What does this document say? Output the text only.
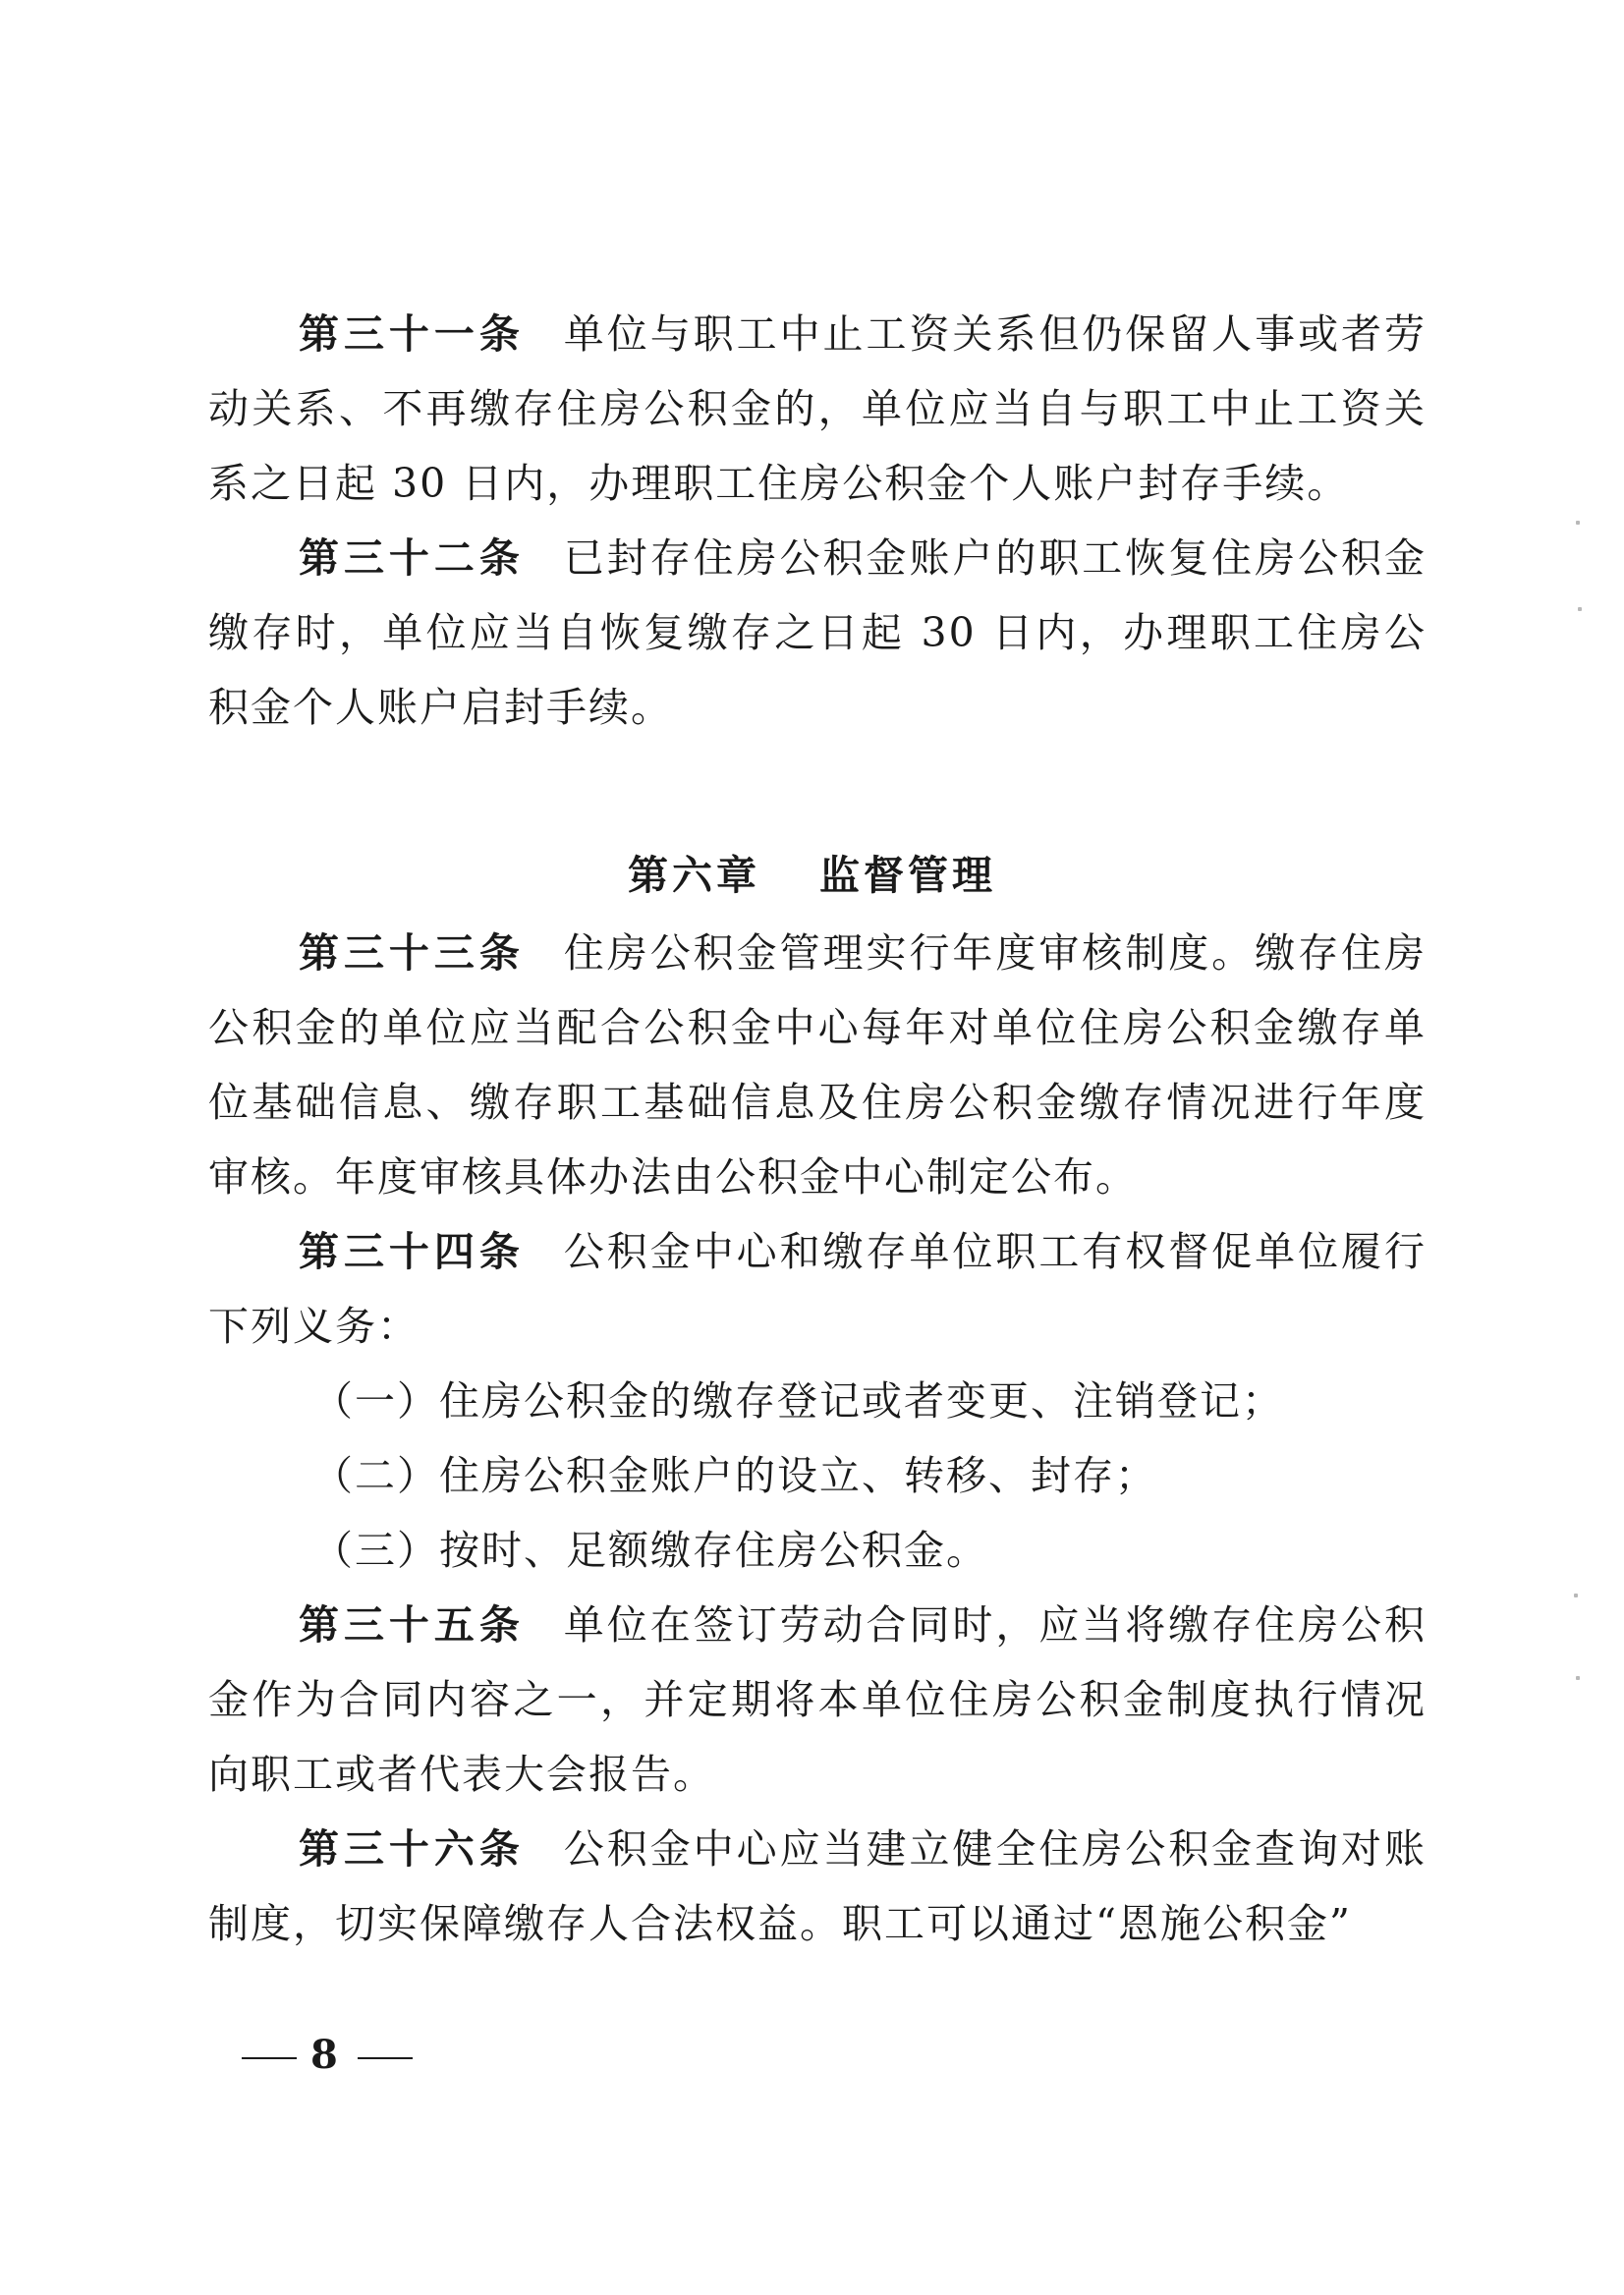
第三十一条 单位与职工中止工资关系但仍保留人事或者劳动关系、不再缴存住房公积金的，单位应当自与职工中止工资关系之日起 30 日内，办理职工住房公积金个人账户封存手续。

第三十二条 已封存住房公积金账户的职工恢复住房公积金缴存时，单位应当自恢复缴存之日起 30 日内，办理职工住房公积金个人账户启封手续。

第六章 监督管理

第三十三条 住房公积金管理实行年度审核制度。缴存住房公积金的单位应当配合公积金中心每年对单位住房公积金缴存单位基础信息、缴存职工基础信息及住房公积金缴存情况进行年度审核。年度审核具体办法由公积金中心制定公布。

第三十四条 公积金中心和缴存单位职工有权督促单位履行下列义务：

（一）住房公积金的缴存登记或者变更、注销登记；

（二）住房公积金账户的设立、转移、封存；

（三）按时、足额缴存住房公积金。

第三十五条 单位在签订劳动合同时，应当将缴存住房公积金作为合同内容之一，并定期将本单位住房公积金制度执行情况向职工或者代表大会报告。

第三十六条 公积金中心应当建立健全住房公积金查询对账制度，切实保障缴存人合法权益。职工可以通过“恩施公积金”

8
